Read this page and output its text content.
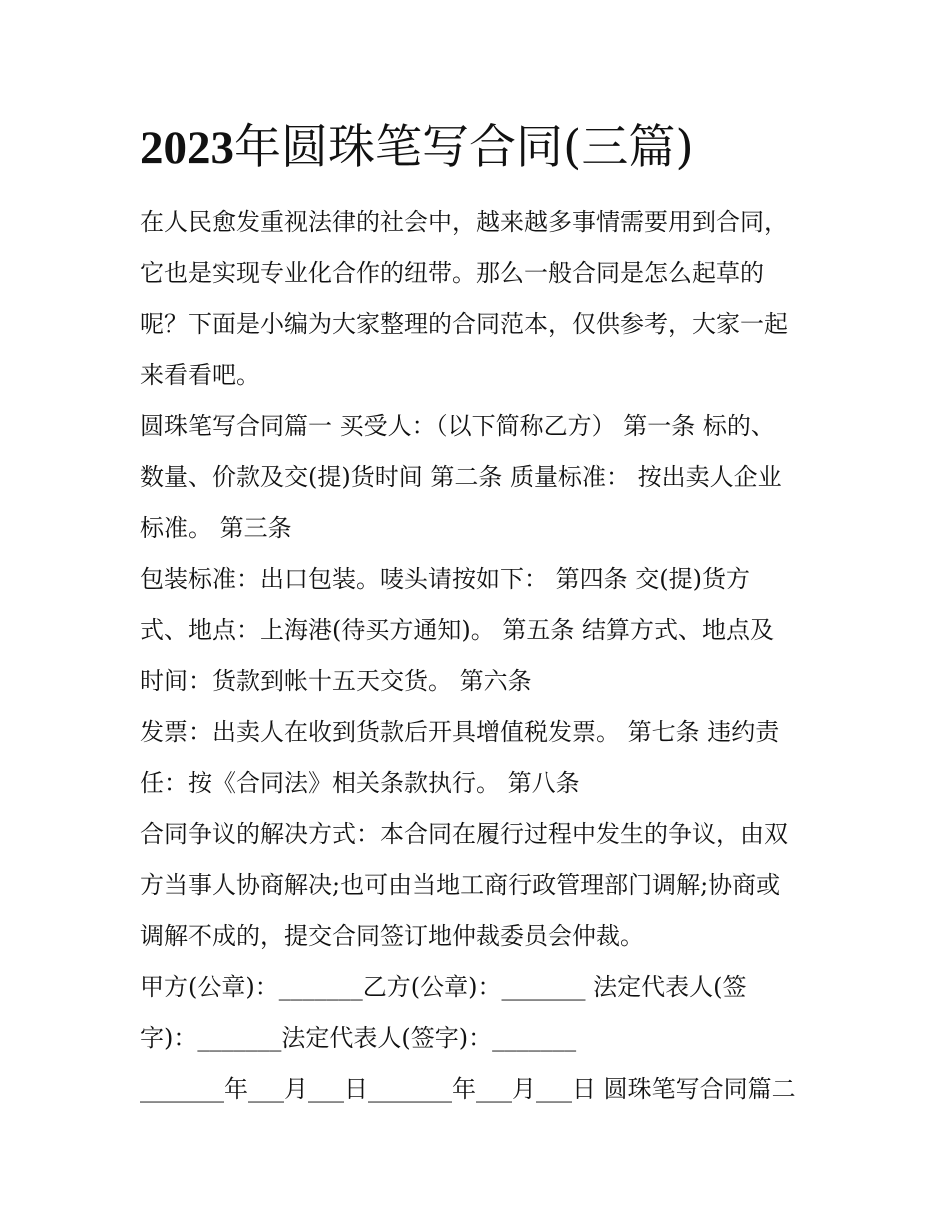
2023年圆珠笔写合同(三篇)

在人民愈发重视法律的社会中，越来越多事情需要用到合同，

它也是实现专业化合作的纽带。那么一般合同是怎么起草的

呢？下面是小编为大家整理的合同范本，仅供参考，大家一起

来看看吧。

圆珠笔写合同篇一 买受人：（以下简称乙方） 第一条 标的、

数量、价款及交(提)货时间 第二条 质量标准： 按出卖人企业

标准。 第三条

包装标准：出口包装。唛头请按如下： 第四条 交(提)货方

式、地点：上海港(待买方通知)。 第五条 结算方式、地点及

时间：货款到帐十五天交货。 第六条

发票：出卖人在收到货款后开具增值税发票。 第七条 违约责

任：按《合同法》相关条款执行。 第八条

合同争议的解决方式：本合同在履行过程中发生的争议，由双

方当事人协商解决;也可由当地工商行政管理部门调解;协商或

调解不成的，提交合同签订地仲裁委员会仲裁。

甲方(公章)：_______乙方(公章)：_______ 法定代表人(签

字)：_______法定代表人(签字)：_______

_______年___月___日_______年___月___日 圆珠笔写合同篇二
